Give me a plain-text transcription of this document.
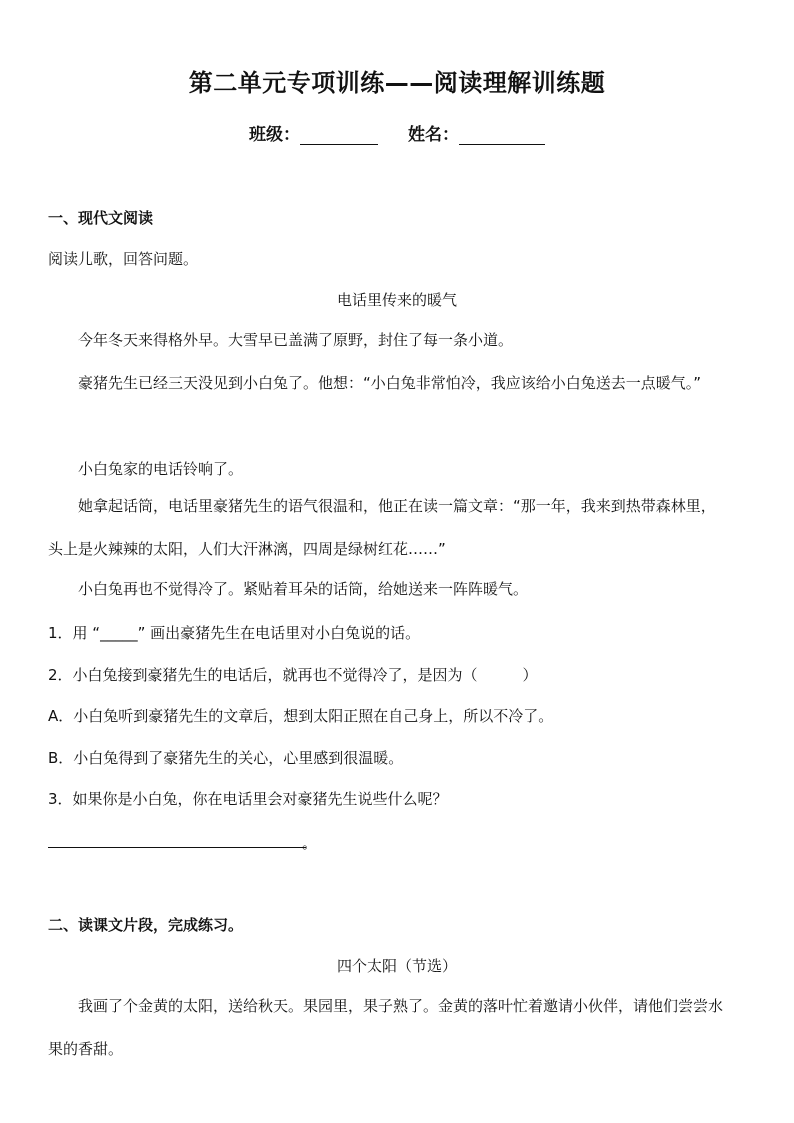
第二单元专项训练——阅读理解训练题
班级：	姓名：
一、现代文阅读
阅读儿歌，回答问题。
电话里传来的暖气
今年冬天来得格外早。大雪早已盖满了原野，封住了每一条小道。
豪猪先生已经三天没见到小白兔了。他想：“小白兔非常怕冷，我应该给小白兔送去一点暖气。”
小白兔家的电话铃响了。
她拿起话筒，电话里豪猪先生的语气很温和，他正在读一篇文章：“那一年，我来到热带森林里，头上是火辣辣的太阳，人们大汗淋漓，四周是绿树红花……”
小白兔再也不觉得冷了。紧贴着耳朵的话筒，给她送来一阵阵暖气。
1．用 “_____” 画出豪猪先生在电话里对小白兔说的话。
2．小白兔接到豪猪先生的电话后，就再也不觉得冷了，是因为（　　　）
A．小白兔听到豪猪先生的文章后，想到太阳正照在自己身上，所以不冷了。
B．小白兔得到了豪猪先生的关心，心里感到很温暖。
3．如果你是小白兔，你在电话里会对豪猪先生说些什么呢？
。
二、读课文片段，完成练习。
四个太阳（节选）
我画了个金黄的太阳，送给秋天。果园里，果子熟了。金黄的落叶忙着邀请小伙伴，请他们尝尝水果的香甜。
